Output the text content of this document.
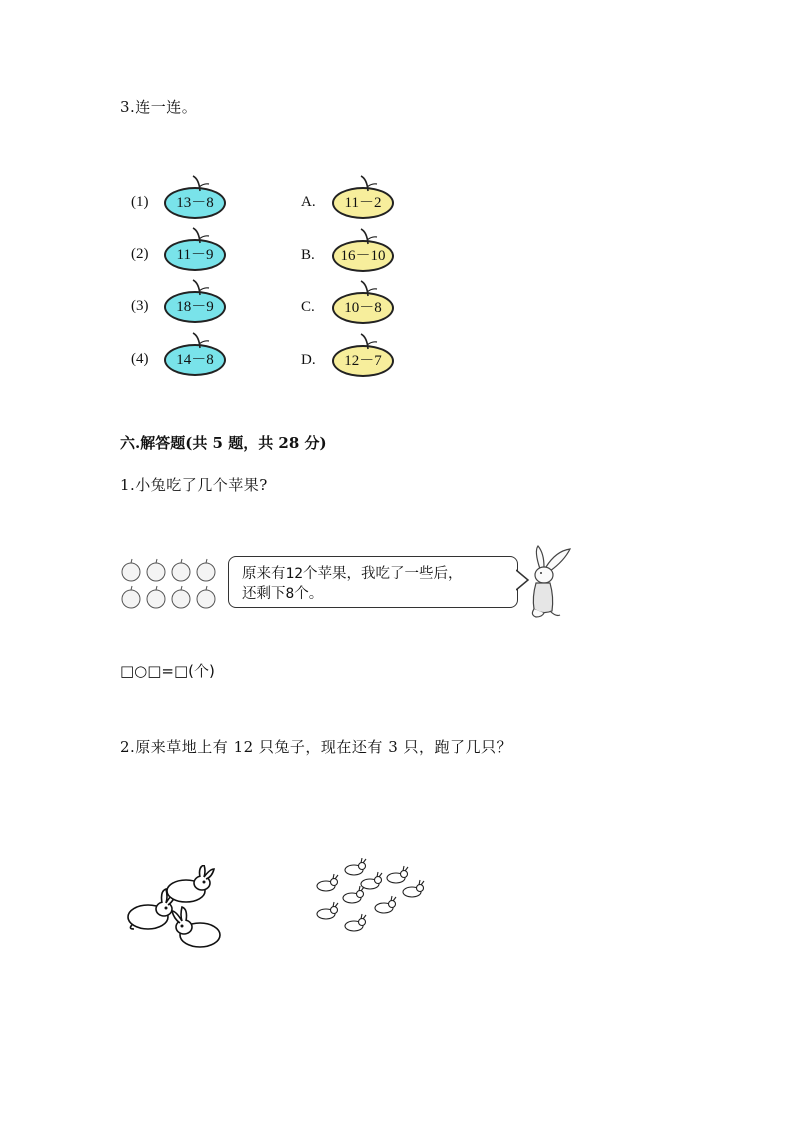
3.连一连。
(1)	13－8
(2)	11－9
(3)	18－9
(4)	14－8
A.	11－2
B.	16－10
C.	10－8
D.	12－7
六.解答题(共 5 题，共 28 分)
1.小兔吃了几个苹果?
原来有12个苹果，我吃了一些后，
还剩下8个。
□○□=□(个)
2.原来草地上有 12 只兔子，现在还有 3 只，跑了几只？
